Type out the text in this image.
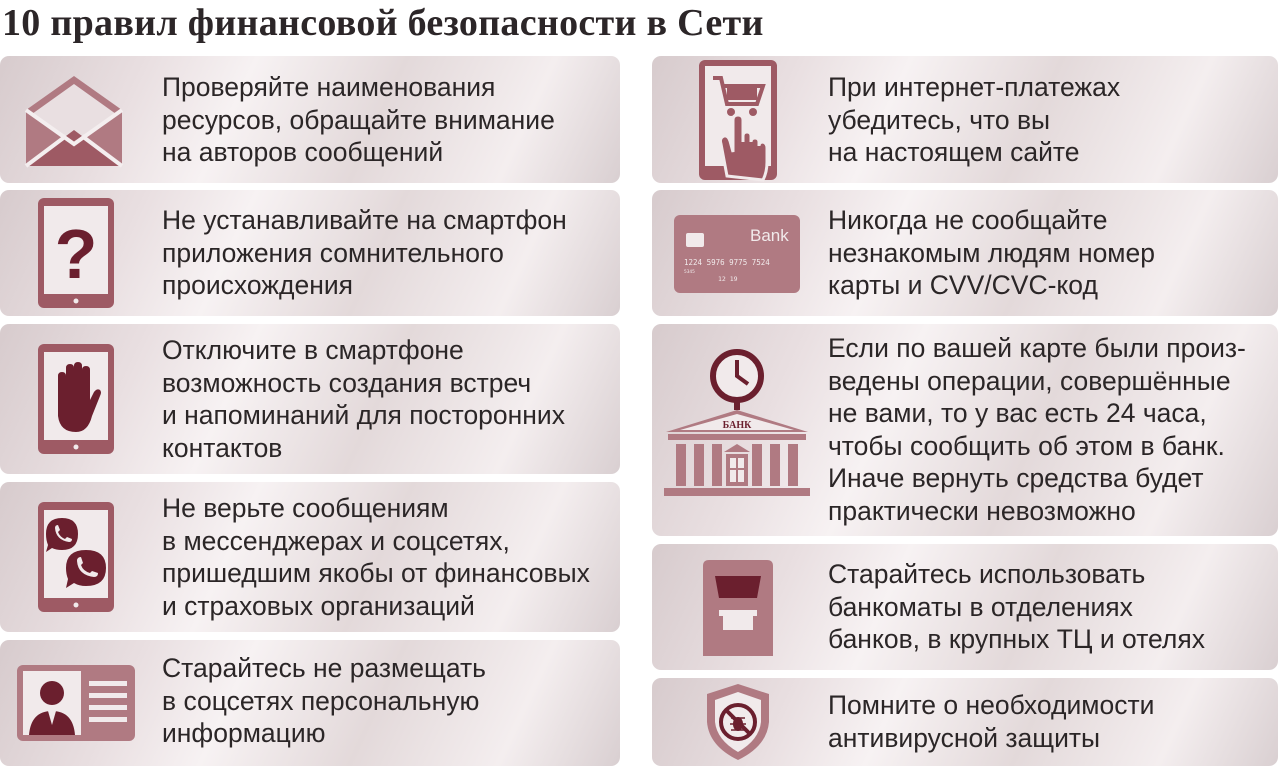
10 правил финансовой безопасности в Сети
Проверяйте наименования
ресурсов, обращайте внимание
на авторов сообщений
? Не устанавливайте на смартфон
приложения сомнительного
происхождения
Отключите в смартфоне
возможность создания встреч
и напоминаний для посторонних
контактов
Не верьте сообщениям
в мессенджерах и соцсетях,
пришедшим якобы от финансовых
и страховых организаций
Старайтесь не размещать
в соцсетях персональную
информацию
При интернет-платежах
убедитесь, что вы
на настоящем сайте
Bank
1224 5976 9775 7524
5345
12 19
Никогда не сообщайте
незнакомым людям номер
карты и CVV/CVC-код
БАНК
Если по вашей карте были произ-
ведены операции, совершённые
не вами, то у вас есть 24 часа,
чтобы сообщить об этом в банк.
Иначе вернуть средства будет
практически невозможно
Старайтесь использовать
банкоматы в отделениях
банков, в крупных ТЦ и отелях
Помните о необходимости
антивирусной защиты
